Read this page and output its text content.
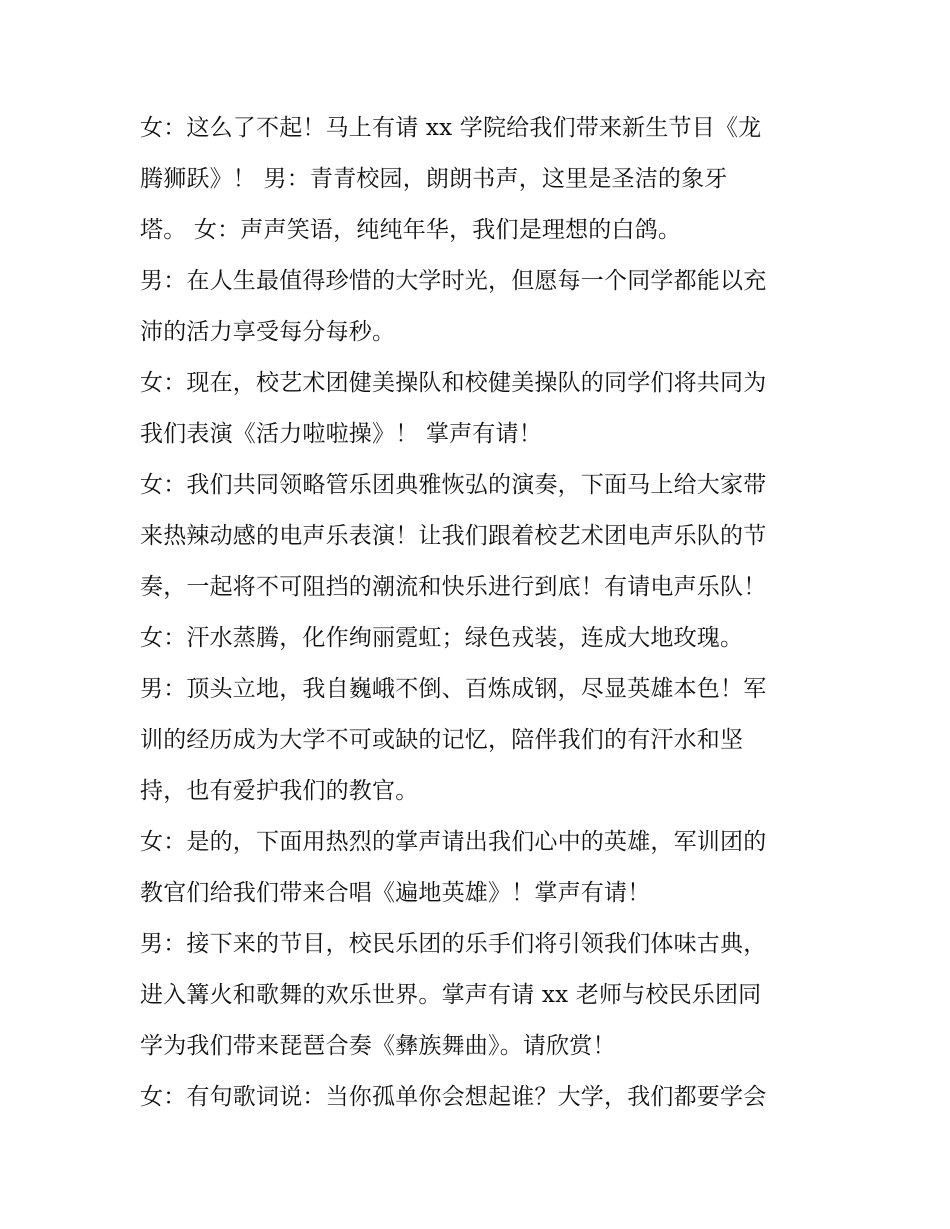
女：这么了不起！马上有请 xx 学院给我们带来新生节目《龙
腾狮跃》！ 男：青青校园，朗朗书声，这里是圣洁的象牙
塔。 女：声声笑语，纯纯年华，我们是理想的白鸽。
男：在人生最值得珍惜的大学时光，但愿每一个同学都能以充
沛的活力享受每分每秒。
女：现在，校艺术团健美操队和校健美操队的同学们将共同为
我们表演《活力啦啦操》！ 掌声有请！
女：我们共同领略管乐团典雅恢弘的演奏，下面马上给大家带
来热辣动感的电声乐表演！让我们跟着校艺术团电声乐队的节
奏，一起将不可阻挡的潮流和快乐进行到底！有请电声乐队！
女：汗水蒸腾，化作绚丽霓虹；绿色戎装，连成大地玫瑰。
男：顶头立地，我自巍峨不倒、百炼成钢，尽显英雄本色！军
训的经历成为大学不可或缺的记忆，陪伴我们的有汗水和坚
持，也有爱护我们的教官。
女：是的，下面用热烈的掌声请出我们心中的英雄，军训团的
教官们给我们带来合唱《遍地英雄》！掌声有请！
男：接下来的节目，校民乐团的乐手们将引领我们体味古典，
进入篝火和歌舞的欢乐世界。掌声有请 xx 老师与校民乐团同
学为我们带来琵琶合奏《彝族舞曲》。请欣赏！
女：有句歌词说：当你孤单你会想起谁？大学，我们都要学会
